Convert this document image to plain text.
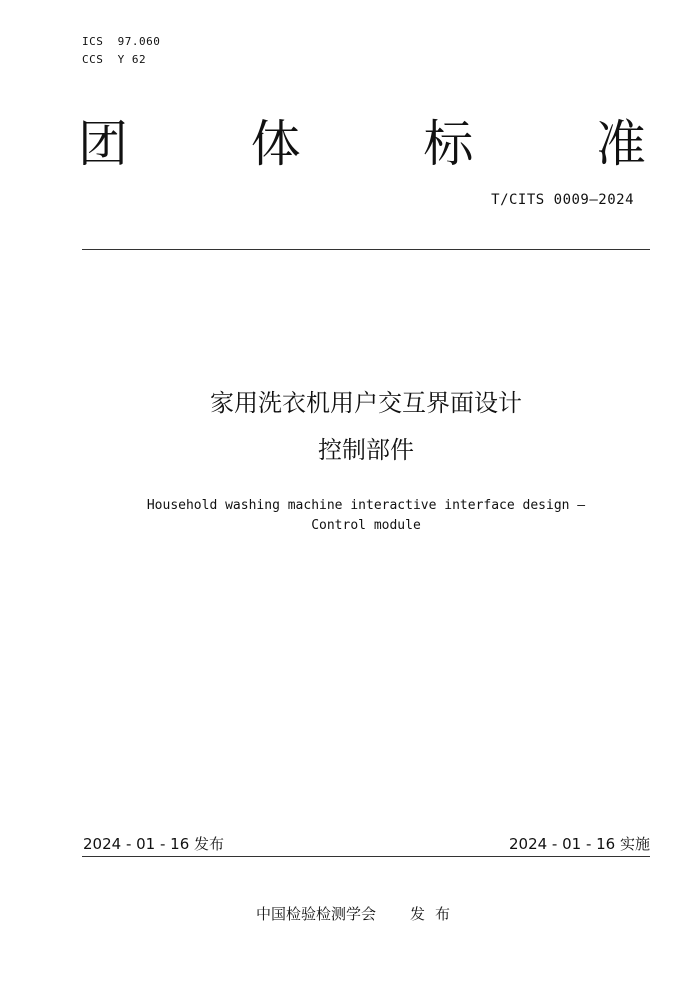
ICS  97.060
CCS  Y 62
团 体 标 准
T/CITS 0009—2024
家用洗衣机用户交互界面设计
控制部件
Household washing machine interactive interface design –
Control module
2024 - 01 - 16 发布	2024 - 01 - 16 实施
中国检验检测学会 发布
